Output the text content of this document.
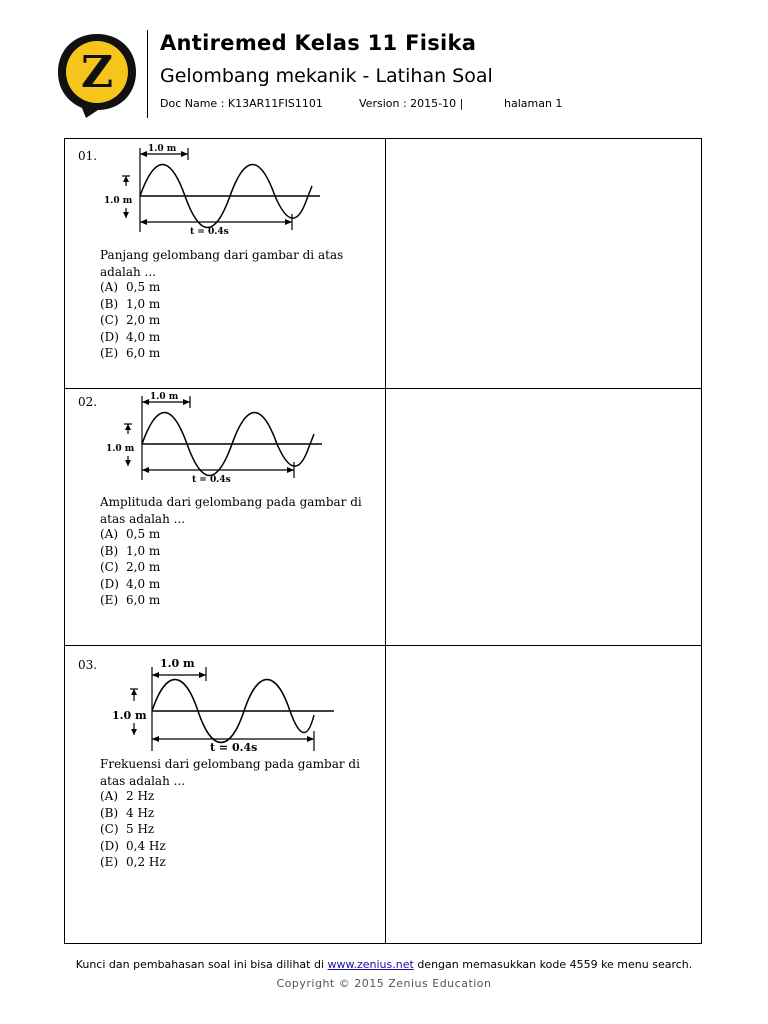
Z
Antiremed Kelas 11 Fisika
Gelombang mekanik - Latihan Soal
Doc Name : K13AR11FIS1101	Version : 2015-10 |	halaman 1
01.	1.0 m
1.0 m
t = 0.4s
Panjang gelombang dari gambar di atas adalah ...
(A) 0,5 m
(B) 1,0 m
(C) 2,0 m
(D) 4,0 m
(E) 6,0 m
02.	1.0 m
1.0 m
t = 0.4s
Amplituda dari gelombang pada gambar di atas adalah ...
(A) 0,5 m
(B) 1,0 m
(C) 2,0 m
(D) 4,0 m
(E) 6,0 m
03.	1.0 m
1.0 m
t = 0.4s
Frekuensi dari gelombang pada gambar di atas adalah ...
(A) 2 Hz
(B) 4 Hz
(C) 5 Hz
(D) 0,4 Hz
(E) 0,2 Hz
Kunci dan pembahasan soal ini bisa dilihat di www.zenius.net dengan memasukkan kode 4559 ke menu search.
Copyright © 2015 Zenius Education
